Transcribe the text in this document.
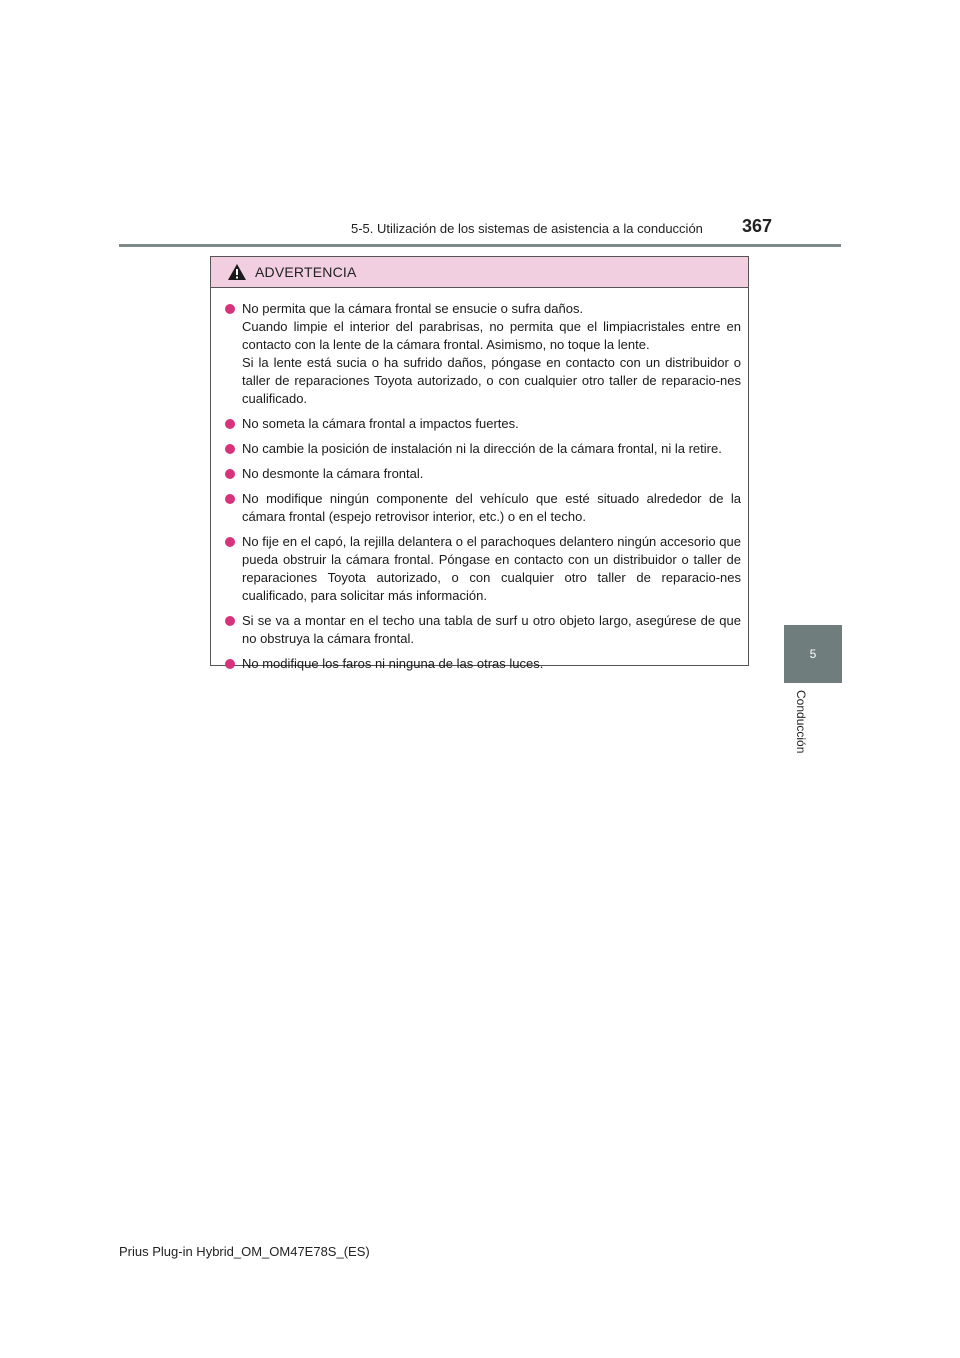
5-5. Utilización de los sistemas de asistencia a la conducción 367
5
Conducción
ADVERTENCIA

No permita que la cámara frontal se ensucie o sufra daños.

Cuando limpie el interior del parabrisas, no permita que el limpiacristales entre en contacto con la lente de la cámara frontal. Asimismo, no toque la lente.

Si la lente está sucia o ha sufrido daños, póngase en contacto con un distribuidor o taller de reparaciones Toyota autorizado, o con cualquier otro taller de reparacio-nes cualificado.

No someta la cámara frontal a impactos fuertes.

No cambie la posición de instalación ni la dirección de la cámara frontal, ni la retire.

No desmonte la cámara frontal.

No modifique ningún componente del vehículo que esté situado alrededor de la cámara frontal (espejo retrovisor interior, etc.) o en el techo.

No fije en el capó, la rejilla delantera o el parachoques delantero ningún accesorio que pueda obstruir la cámara frontal. Póngase en contacto con un distribuidor o taller de reparaciones Toyota autorizado, o con cualquier otro taller de reparacio-nes cualificado, para solicitar más información.

Si se va a montar en el techo una tabla de surf u otro objeto largo, asegúrese de que no obstruya la cámara frontal.

No modifique los faros ni ninguna de las otras luces.

Prius Plug-in Hybrid_OM_OM47E78S_(ES)
